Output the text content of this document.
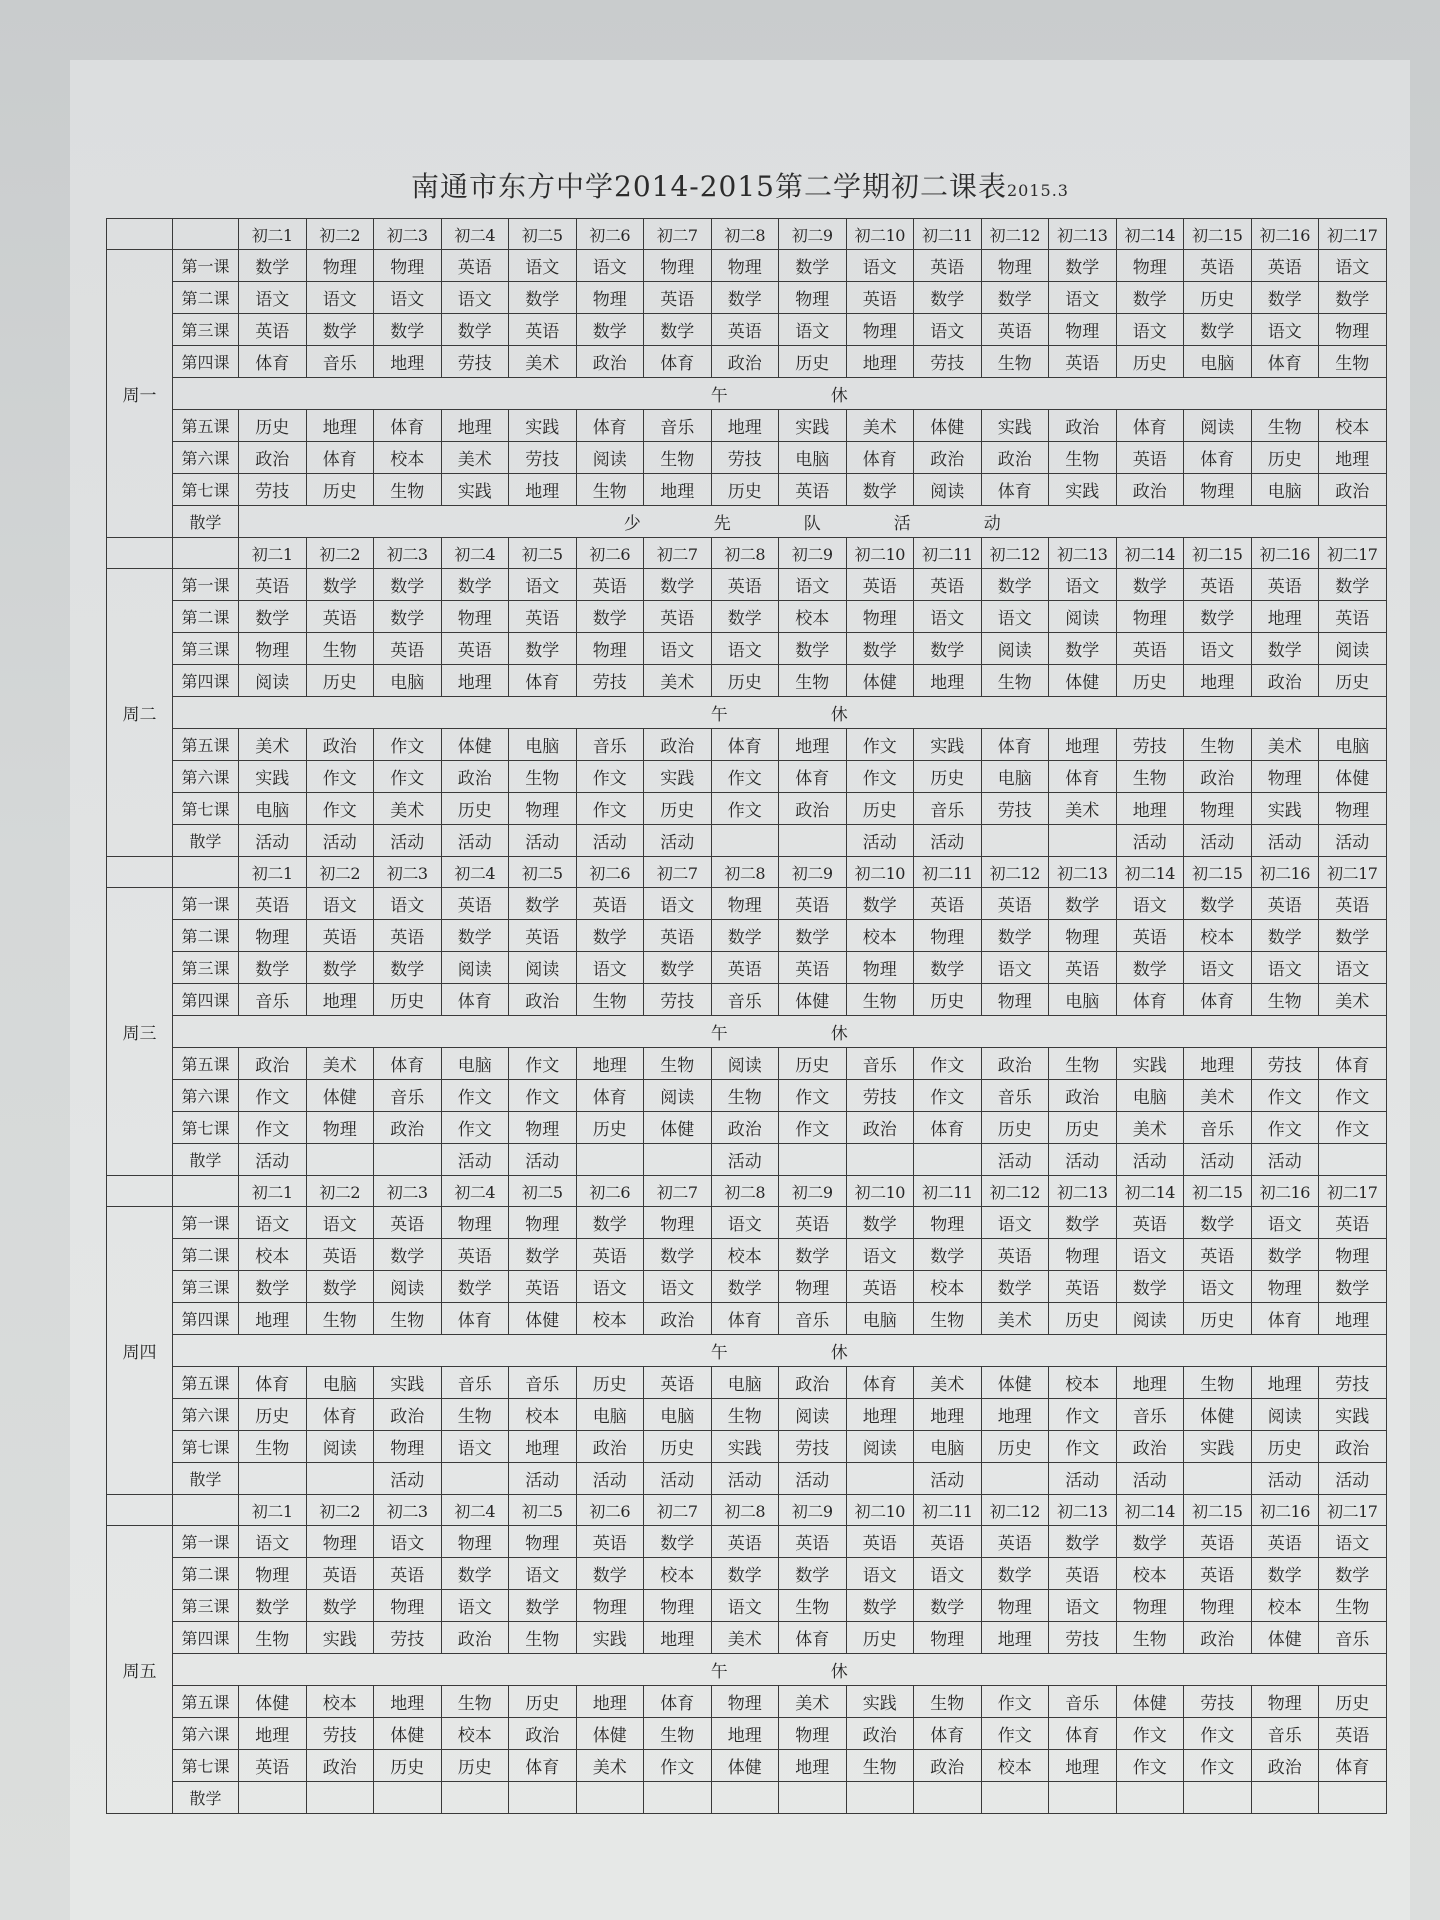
南通市东方中学2014-2015第二学期初二课表2015.3
		初二1	初二2	初二3	初二4	初二5	初二6	初二7	初二8	初二9	初二10	初二11	初二12	初二13	初二14	初二15	初二16	初二17
周一	第一课	数学	物理	物理	英语	语文	语文	物理	物理	数学	语文	英语	物理	数学	物理	英语	英语	语文
	第二课	语文	语文	语文	语文	数学	物理	英语	数学	物理	英语	数学	数学	语文	数学	历史	数学	数学
	第三课	英语	数学	数学	数学	英语	数学	数学	英语	语文	物理	语文	英语	物理	语文	数学	语文	物理
	第四课	体育	音乐	地理	劳技	美术	政治	体育	政治	历史	地理	劳技	生物	英语	历史	电脑	体育	生物
	午 休																	
	第五课	历史	地理	体育	地理	实践	体育	音乐	地理	实践	美术	体健	实践	政治	体育	阅读	生物	校本
	第六课	政治	体育	校本	美术	劳技	阅读	生物	劳技	电脑	体育	政治	政治	生物	英语	体育	历史	地理
	第七课	劳技	历史	生物	实践	地理	生物	地理	历史	英语	数学	阅读	体育	实践	政治	物理	电脑	政治
	散学	少 先 队 活 动																
		初二1	初二2	初二3	初二4	初二5	初二6	初二7	初二8	初二9	初二10	初二11	初二12	初二13	初二14	初二15	初二16	初二17
周二	第一课	英语	数学	数学	数学	语文	英语	数学	英语	语文	英语	英语	数学	语文	数学	英语	英语	数学
	第二课	数学	英语	数学	物理	英语	数学	英语	数学	校本	物理	语文	语文	阅读	物理	数学	地理	英语
	第三课	物理	生物	英语	英语	数学	物理	语文	语文	数学	数学	数学	阅读	数学	英语	语文	数学	阅读
	第四课	阅读	历史	电脑	地理	体育	劳技	美术	历史	生物	体健	地理	生物	体健	历史	地理	政治	历史
	午 休																	
	第五课	美术	政治	作文	体健	电脑	音乐	政治	体育	地理	作文	实践	体育	地理	劳技	生物	美术	电脑
	第六课	实践	作文	作文	政治	生物	作文	实践	作文	体育	作文	历史	电脑	体育	生物	政治	物理	体健
	第七课	电脑	作文	美术	历史	物理	作文	历史	作文	政治	历史	音乐	劳技	美术	地理	物理	实践	物理
	散学	活动	活动	活动	活动	活动	活动	活动			活动	活动			活动	活动	活动	活动
		初二1	初二2	初二3	初二4	初二5	初二6	初二7	初二8	初二9	初二10	初二11	初二12	初二13	初二14	初二15	初二16	初二17
周三	第一课	英语	语文	语文	英语	数学	英语	语文	物理	英语	数学	英语	英语	数学	语文	数学	英语	英语
	第二课	物理	英语	英语	数学	英语	数学	英语	数学	数学	校本	物理	数学	物理	英语	校本	数学	数学
	第三课	数学	数学	数学	阅读	阅读	语文	数学	英语	英语	物理	数学	语文	英语	数学	语文	语文	语文
	第四课	音乐	地理	历史	体育	政治	生物	劳技	音乐	体健	生物	历史	物理	电脑	体育	体育	生物	美术
	午 休																	
	第五课	政治	美术	体育	电脑	作文	地理	生物	阅读	历史	音乐	作文	政治	生物	实践	地理	劳技	体育
	第六课	作文	体健	音乐	作文	作文	体育	阅读	生物	作文	劳技	作文	音乐	政治	电脑	美术	作文	作文
	第七课	作文	物理	政治	作文	物理	历史	体健	政治	作文	政治	体育	历史	历史	美术	音乐	作文	作文
	散学	活动			活动	活动			活动				活动	活动	活动	活动	活动	
		初二1	初二2	初二3	初二4	初二5	初二6	初二7	初二8	初二9	初二10	初二11	初二12	初二13	初二14	初二15	初二16	初二17
周四	第一课	语文	语文	英语	物理	物理	数学	物理	语文	英语	数学	物理	语文	数学	英语	数学	语文	英语
	第二课	校本	英语	数学	英语	数学	英语	数学	校本	数学	语文	数学	英语	物理	语文	英语	数学	物理
	第三课	数学	数学	阅读	数学	英语	语文	语文	数学	物理	英语	校本	数学	英语	数学	语文	物理	数学
	第四课	地理	生物	生物	体育	体健	校本	政治	体育	音乐	电脑	生物	美术	历史	阅读	历史	体育	地理
	午 休																	
	第五课	体育	电脑	实践	音乐	音乐	历史	英语	电脑	政治	体育	美术	体健	校本	地理	生物	地理	劳技
	第六课	历史	体育	政治	生物	校本	电脑	电脑	生物	阅读	地理	地理	地理	作文	音乐	体健	阅读	实践
	第七课	生物	阅读	物理	语文	地理	政治	历史	实践	劳技	阅读	电脑	历史	作文	政治	实践	历史	政治
	散学			活动		活动	活动	活动	活动	活动		活动		活动	活动		活动	活动
		初二1	初二2	初二3	初二4	初二5	初二6	初二7	初二8	初二9	初二10	初二11	初二12	初二13	初二14	初二15	初二16	初二17
周五	第一课	语文	物理	语文	物理	物理	英语	数学	英语	英语	英语	英语	英语	数学	数学	英语	英语	语文
	第二课	物理	英语	英语	数学	语文	数学	校本	数学	数学	语文	语文	数学	英语	校本	英语	数学	数学
	第三课	数学	数学	物理	语文	数学	物理	物理	语文	生物	数学	数学	物理	语文	物理	物理	校本	生物
	第四课	生物	实践	劳技	政治	生物	实践	地理	美术	体育	历史	物理	地理	劳技	生物	政治	体健	音乐
	午 休																	
	第五课	体健	校本	地理	生物	历史	地理	体育	物理	美术	实践	生物	作文	音乐	体健	劳技	物理	历史
	第六课	地理	劳技	体健	校本	政治	体健	生物	地理	物理	政治	体育	作文	体育	作文	作文	音乐	英语
	第七课	英语	政治	历史	历史	体育	美术	作文	体健	地理	生物	政治	校本	地理	作文	作文	政治	体育
	散学																	
